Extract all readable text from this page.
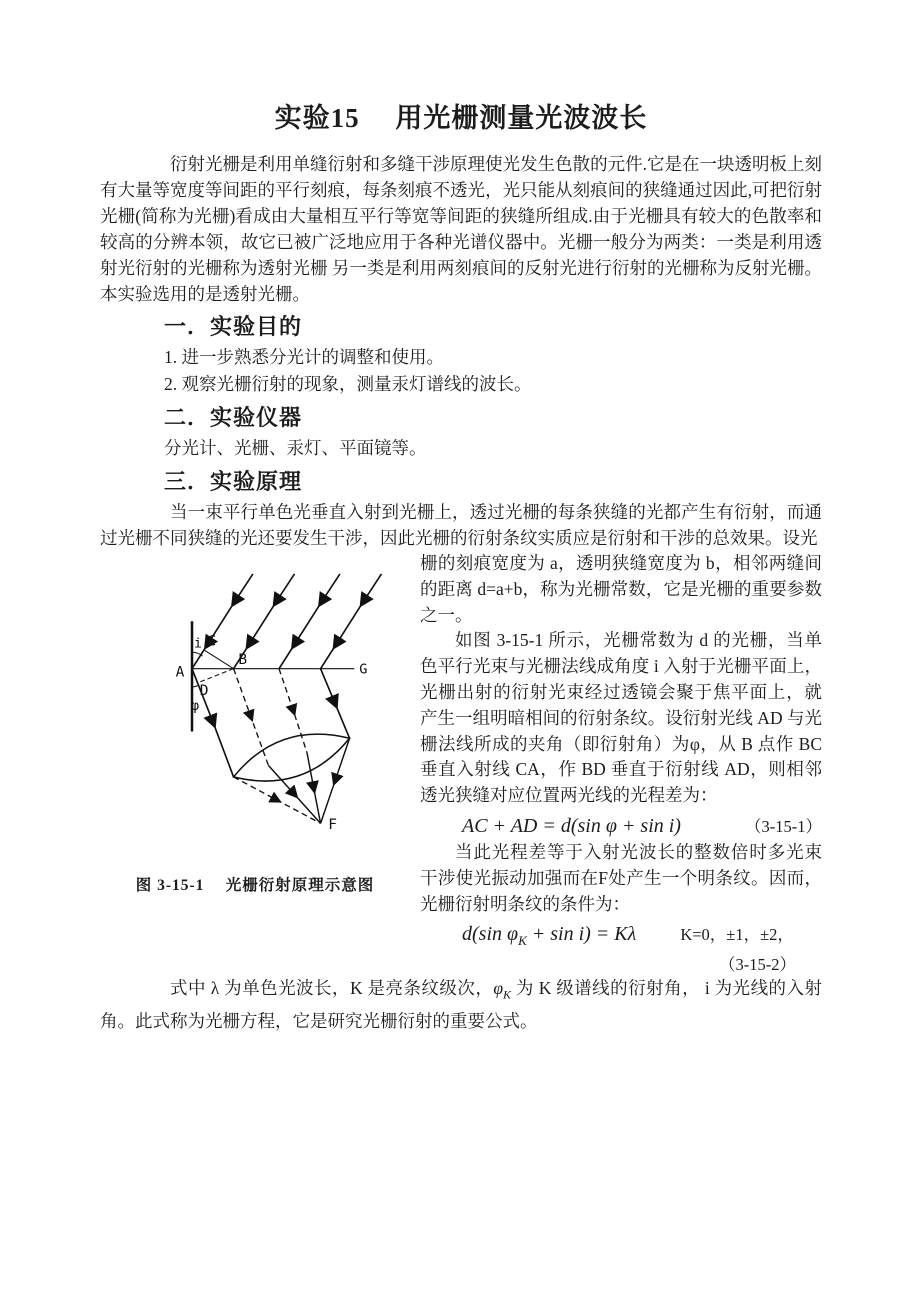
实验15　 用光栅测量光波波长

衍射光栅是利用单缝衍射和多缝干涉原理使光发生色散的元件.它是在一块透明板上刻有大量等宽度等间距的平行刻痕，每条刻痕不透光，光只能从刻痕间的狭缝通过因此,可把衍射光栅(简称为光栅)看成由大量相互平行等宽等间距的狭缝所组成.由于光栅具有较大的色散率和较高的分辨本领，故它已被广泛地应用于各种光谱仪器中。光栅一般分为两类：一类是利用透射光衍射的光栅称为透射光栅 另一类是利用两刻痕间的反射光进行衍射的光栅称为反射光栅。本实验选用的是透射光栅。

一．实验目的
1. 进一步熟悉分光计的调整和使用。
2. 观察光栅衍射的现象，测量汞灯谱线的波长。
二．实验仪器
分光计、光栅、汞灯、平面镜等。
三．实验原理

当一束平行单色光垂直入射到光栅上，透过光栅的每条狭缝的光都产生有衍射，而通过光栅不同狭缝的光还要发生干涉，因此光栅的衍射条纹实质应是衍射和干涉的总效果。设光

i C
A
B
D
φ
G
F
图 3-15-1　 光栅衍射原理示意图

栅的刻痕宽度为 a，透明狭缝宽度为 b，相邻两缝间的距离 d=a+b，称为光栅常数，它是光栅的重要参数之一。

如图 3-15-1 所示，光栅常数为 d 的光栅，当单色平行光束与光栅法线成角度 i 入射于光栅平面上，光栅出射的衍射光束经过透镜会聚于焦平面上，就产生一组明暗相间的衍射条纹。设衍射光线 AD 与光栅法线所成的夹角（即衍射角）为φ，从 B 点作 BC 垂直入射线 CA，作 BD 垂直于衍射线 AD，则相邻透光狭缝对应位置两光线的光程差为：

AC + AD = d(sin φ + sin i)	（3-15-1）

当此光程差等于入射光波长的整数倍时多光束干涉使光振动加强而在F处产生一个明条纹。因而，光栅衍射明条纹的条件为：

d(sin $\varphi_K + \sin i) = K\lambda$	K=0，±1，±2，
（3-15-2）

式中 λ 为单色光波长，K 是亮条纹级次，$\varphi_K$ 为 K 级谱线的衍射角， i 为光线的入射角。此式称为光栅方程，它是研究光栅衍射的重要公式。
